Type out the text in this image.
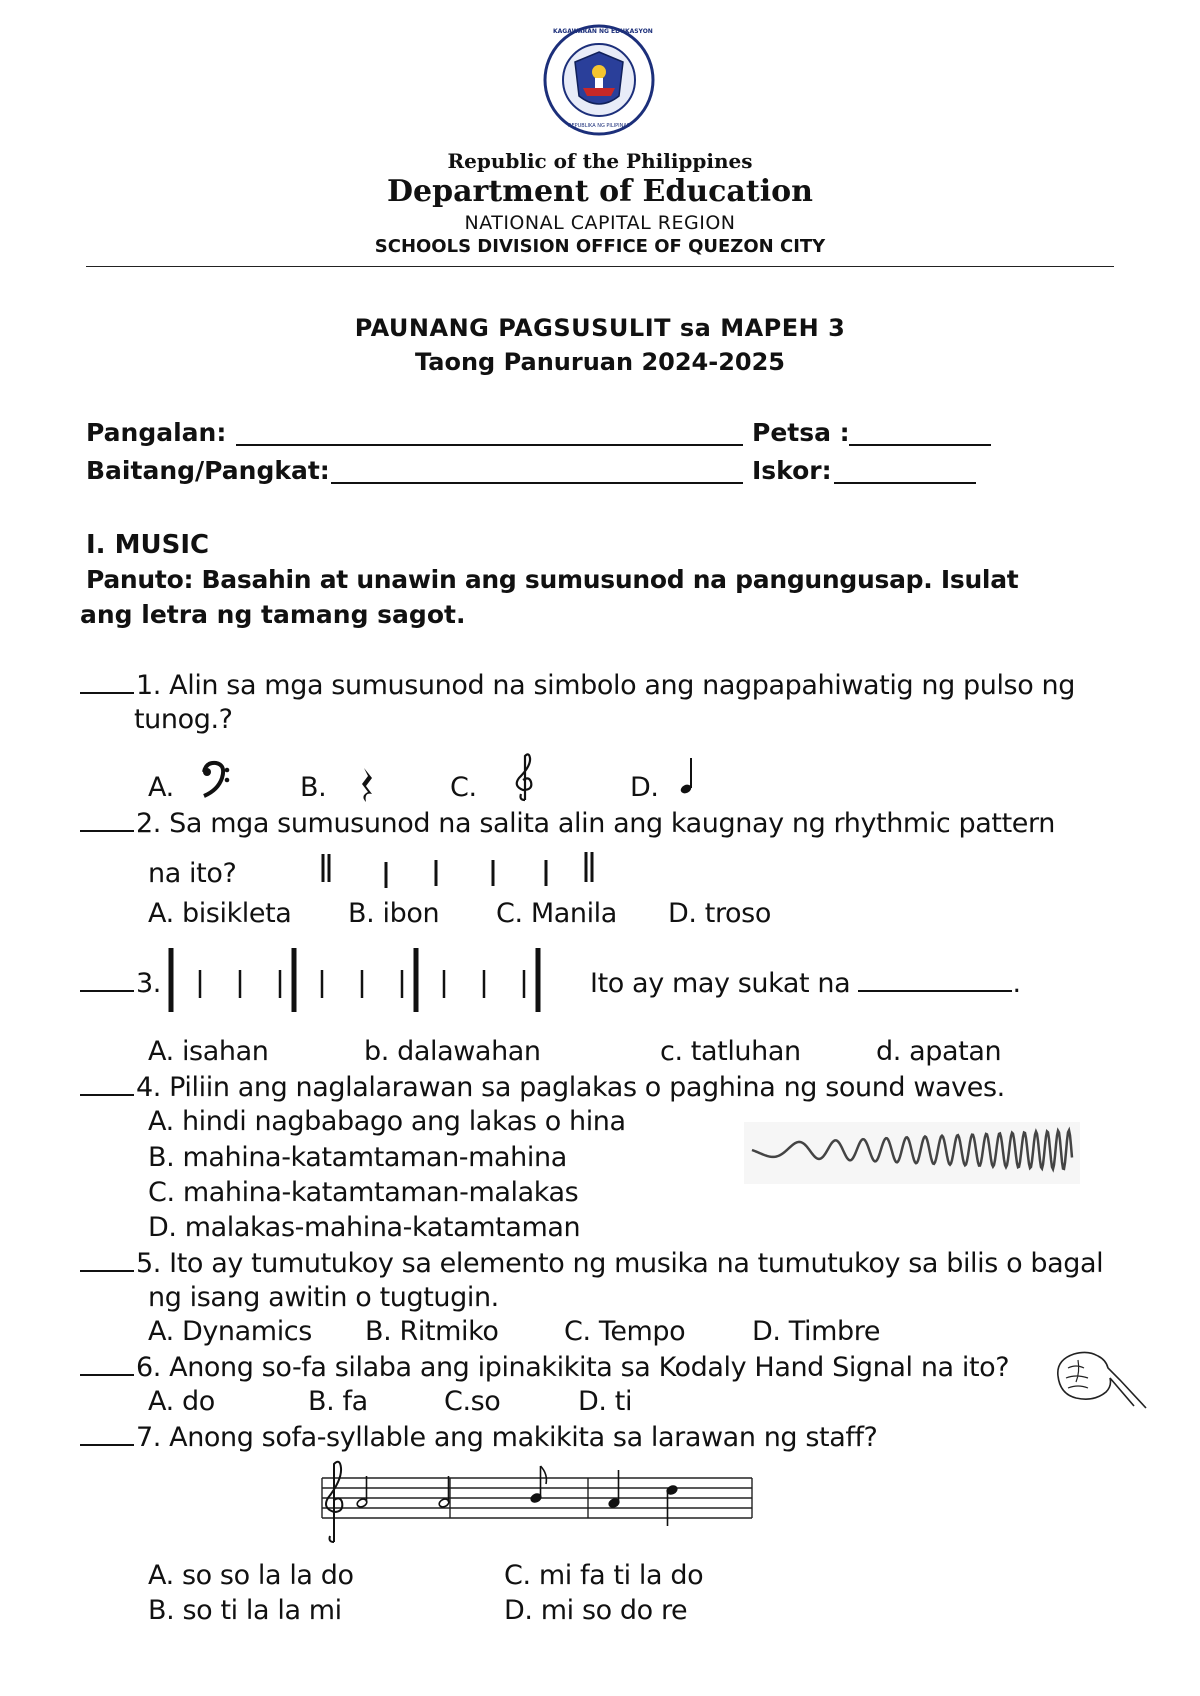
KAGAWARAN NG EDUKASYON
REPUBLIKA NG PILIPINAS
Republic of the Philippines
Department of Education
NATIONAL CAPITAL REGION
SCHOOLS DIVISION OFFICE OF QUEZON CITY
PAUNANG PAGSUSULIT sa MAPEH 3
Taong Panuruan 2024-2025
Pangalan:	Petsa :
Baitang/Pangkat:	Iskor:
I. MUSIC
Panuto: Basahin at unawin ang sumusunod na pangungusap. Isulat
ang letra ng tamang sagot.
1. Alin sa mga sumusunod na simbolo ang nagpapahiwatig ng pulso ng
tunog.?
A.	B.	C.	D.
2. Sa mga sumusunod na salita alin ang kaugnay ng rhythmic pattern
na ito?
A. bisikleta B. ibon C. Manila D. troso
3.	Ito ay may sukat na	.
A. isahan	b. dalawahan	c. tatluhan	d. apatan
4. Piliin ang naglalarawan sa paglakas o paghina ng sound waves.
A. hindi nagbabago ang lakas o hina
B. mahina-katamtaman-mahina
C. mahina-katamtaman-malakas
D. malakas-mahina-katamtaman
5. Ito ay tumutukoy sa elemento ng musika na tumutukoy sa bilis o bagal
ng isang awitin o tugtugin.
A. Dynamics B. Ritmiko C. Tempo D. Timbre
6. Anong so-fa silaba ang ipinakikita sa Kodaly Hand Signal na ito?
A. do	B. fa	C.so	D. ti
7. Anong sofa-syllable ang makikita sa larawan ng staff?
A. so so la la do	C. mi fa ti la do
B. so ti la la mi	D. mi so do re
